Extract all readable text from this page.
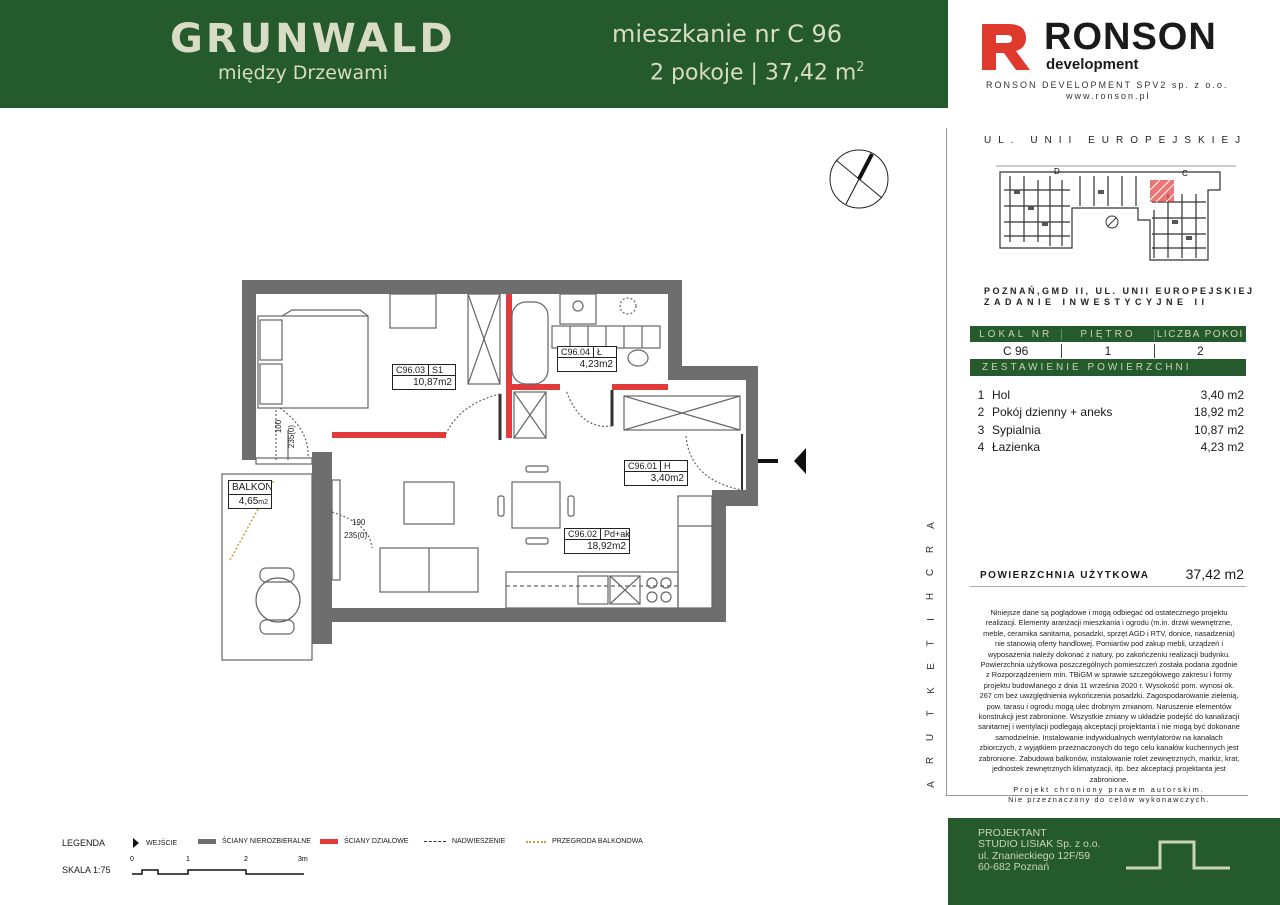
GRUNWALD
między Drzewami
mieszkanie nr C 96
2 pokoje | 37,42 $m^2$
RONSON
development
RONSON DEVELOPMENT SPV2 sp. z o.o.
www.ronson.pl
UL. UNII EUROPEJSKIEJ
D	C
POZNAŃ,GMD II, UL. UNII EUROPEJSKIEJ
ZADANIE INWESTYCYJNE II
LOKAL NR	PIĘTRO	LICZBA POKOI
C 96	1	2
ZESTAWIENIE POWIERZCHNI
1 Hol	3,40 m2
2 Pokój dzienny + aneks	18,92 m2
3 Sypialnia	10,87 m2
4 Łazienka	4,23 m2
POWIERZCHNIA UŻYTKOWA	37,42 m2
Niniejsze dane są poglądowe i mogą odbiegać od ostatecznego projektu realizacji. Elementy aranżacji mieszkania i ogrodu (m.in. drzwi wewnętrzne, meble, ceramika sanitarna, posadzki, sprzęt AGD i RTV, donice, nasadzenia) nie stanowią oferty handlowej. Pomiarów pod zakup mebli, urządzeń i wyposażenia należy dokonać z natury, po zakończeniu realizacji budynku. Powierzchnia użytkowa poszczególnych pomieszczeń została podana zgodnie z Rozporządzeniem min. TBiGM w sprawie szczegółowego zakresu i formy projektu budowlanego z dnia 11 września 2020 r. Wysokość pom. wynosi ok. 267 cm bez uwzględnienia wykończenia posadzki. Zagospodarowanie zielenią, pow. tarasu i ogrodu mogą ulec drobnym zmianom. Naruszenie elementów konstrukcji jest zabronione. Wszystkie zmiany w układzie podejść do kanalizacji sanitarnej i wentylacji podlegają akceptacji projektanta i nie mogą być dokonane samodzielnie. Instalowanie indywidualnych wentylatorów na kanałach zbiorczych, z wyjątkiem przeznaczonych do tego celu kanałów kuchennych jest zabronione. Zabudowa balkonów, instalowanie rolet zewnętrznych, markiz, krat, jednostek zewnętrznych klimatyzacji, itp. bez akceptacji projektanta jest zabronione.
Projekt chroniony prawem autorskim.
Nie przeznaczony do celów wykonawczych.
A
R
C
H
I
T
E
K
T
U
R
A
PROJEKTANT
STUDIO LISIAK Sp. z o.o.
ul. Znanieckiego 12F/59
60-682 Poznań
LEGENDA	WEJŚCIE	ŚCIANY NIEROZBIERALNE	ŚCIANY DZIAŁOWE	NADWIESZENIE	PRZEGRODA BALKONOWA
SKALA 1:75
0	1	2	3m
C96.03 S1
10,87m2
C96.04 Ł
4,23m2
C96.01 H
3,40m2
C96.02 Pd+ak
18,92m2
BALKON
4,65m2
100 235(0)
190
235(0)
